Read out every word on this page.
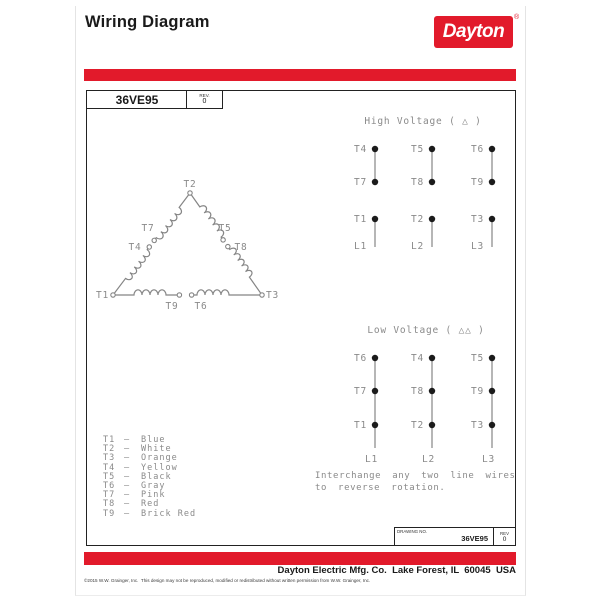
Wiring Diagram	Dayton
®
36VE95	REV.
0
T2
T7
T4
T5
T8
T1	T3
T9 T6
High Voltage ( △ )
T4
T7
T1
L1
T5
T8
T2
L2
T6
T9
T3
L3
Low Voltage ( △△ )
T6
T7
T1
L1
T4
T8
T2
L2
T5
T9
T3
L3
T1	—	Blue
T2	—	White
T3	—	Orange
T4	—	Yellow
T5	—	Black
T6	—	Gray
T7	—	Pink
T8	—	Red
T9	—	Brick Red
Interchange any two line wires
to reverse rotation.
DRAWING NO.
36VE95
REV
0
Dayton Electric Mfg. Co.  Lake Forest, IL  60045  USA
©2015 W.W. Grainger, Inc.  This design may not be reproduced, modified or redistributed without written permission from W.W. Grainger, Inc.
